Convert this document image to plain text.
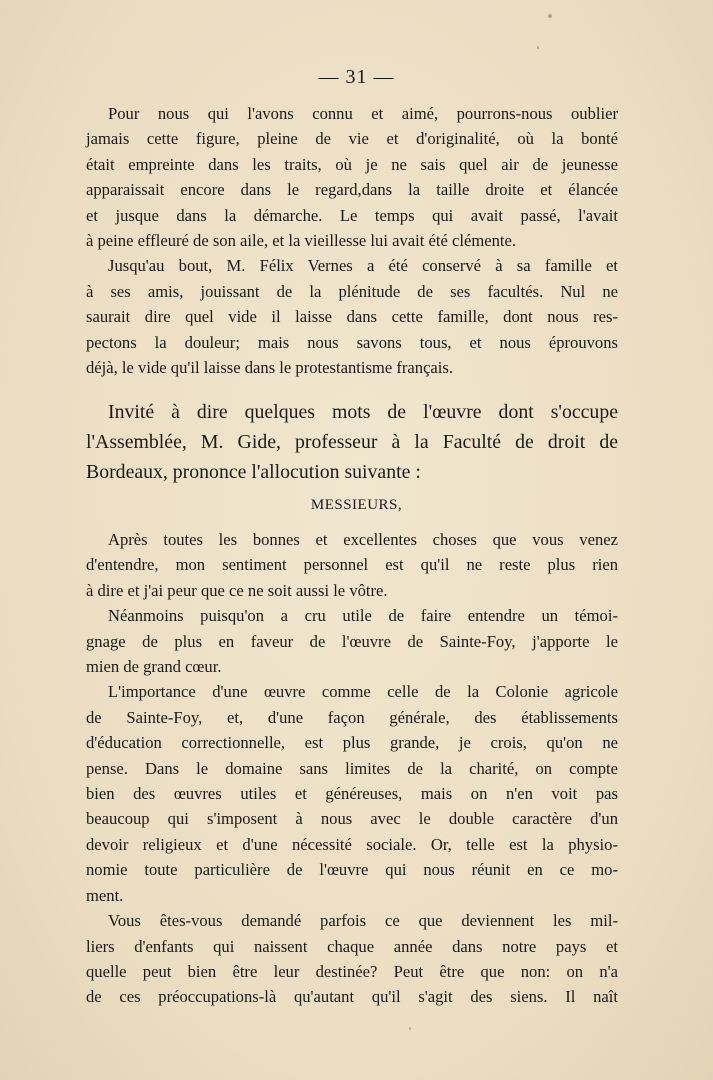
— 31 —

Pour nous qui l'avons connu et aimé, pourrons-nous oublier

jamais cette figure, pleine de vie et d'originalité, où la bonté

était empreinte dans les traits, où je ne sais quel air de jeunesse

apparaissait encore dans le regard,dans la taille droite et élancée

et jusque dans la démarche. Le temps qui avait passé, l'avait

à peine effleuré de son aile, et la vieillesse lui avait été clémente.

Jusqu'au bout, M. Félix Vernes a été conservé à sa famille et

à ses amis, jouissant de la plénitude de ses facultés. Nul ne

saurait dire quel vide il laisse dans cette famille, dont nous res-

pectons la douleur; mais nous savons tous, et nous éprouvons

déjà, le vide qu'il laisse dans le protestantisme français.

Invité à dire quelques mots de l'œuvre dont s'occupe

l'Assemblée, M. Gide, professeur à la Faculté de droit de

Bordeaux, prononce l'allocution suivante :

MESSIEURS,

Après toutes les bonnes et excellentes choses que vous venez

d'entendre, mon sentiment personnel est qu'il ne reste plus rien

à dire et j'ai peur que ce ne soit aussi le vôtre.

Néanmoins puisqu'on a cru utile de faire entendre un témoi-

gnage de plus en faveur de l'œuvre de Sainte-Foy, j'apporte le

mien de grand cœur.

L'importance d'une œuvre comme celle de la Colonie agricole

de Sainte-Foy, et, d'une façon générale, des établissements

d'éducation correctionnelle, est plus grande, je crois, qu'on ne

pense. Dans le domaine sans limites de la charité, on compte

bien des œuvres utiles et généreuses, mais on n'en voit pas

beaucoup qui s'imposent à nous avec le double caractère d'un

devoir religieux et d'une nécessité sociale. Or, telle est la physio-

nomie toute particulière de l'œuvre qui nous réunit en ce mo-

ment.

Vous êtes-vous demandé parfois ce que deviennent les mil-

liers d'enfants qui naissent chaque année dans notre pays et

quelle peut bien être leur destinée? Peut être que non: on n'a

de ces préoccupations-là qu'autant qu'il s'agit des siens. Il naît
